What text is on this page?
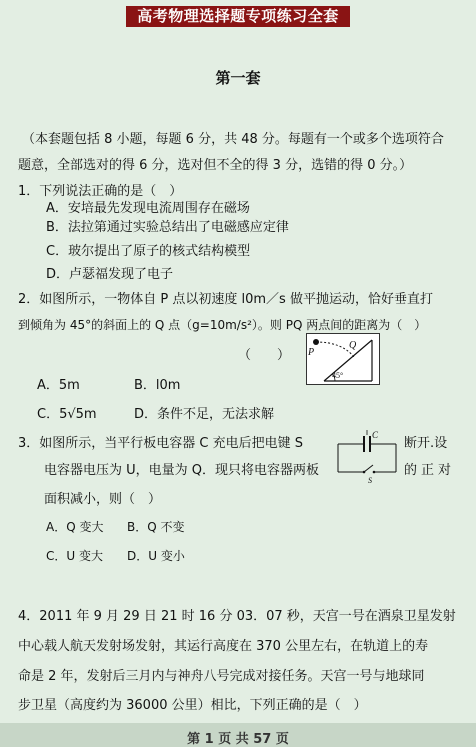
高考物理选择题专项练习全套
第一套
（本套题包括 8 小题，每题 6 分，共 48 分。每题有一个或多个选项符合
题意，全部选对的得 6 分，选对但不全的得 3 分，选错的得 0 分。）
1．下列说法正确的是（　）
A．安培最先发现电流周围存在磁场
B．法拉第通过实验总结出了电磁感应定律
C．玻尔提出了原子的核式结构模型
D．卢瑟福发现了电子
2．如图所示，一物体自 P 点以初速度 l0m／s 做平抛运动，恰好垂直打
到倾角为 45°的斜面上的 Q 点（g=10m/s²）。则 PQ 两点间的距离为（　）
（　　） P
Q
45°
A．5m	B．l0m
C．5√5m	D．条件不足，无法求解
3．如图所示，当平行板电容器 C 充电后把电键 S	断开.设
电容器电压为 U，电量为 Q．现只将电容器两板	的正对
面积减小，则（　）
C
S
A．Q 变大 B．Q 不变
C．U 变大 D．U 变小
4．2011 年 9 月 29 日 21 时 16 分 03．07 秒，天宫一号在酒泉卫星发射
中心载人航天发射场发射，其运行高度在 370 公里左右，在轨道上的寿
命是 2 年，发射后三月内与神舟八号完成对接任务。天宫一号与地球同
步卫星（高度约为 36000 公里）相比，下列正确的是（　）
第 1 页 共 57 页
